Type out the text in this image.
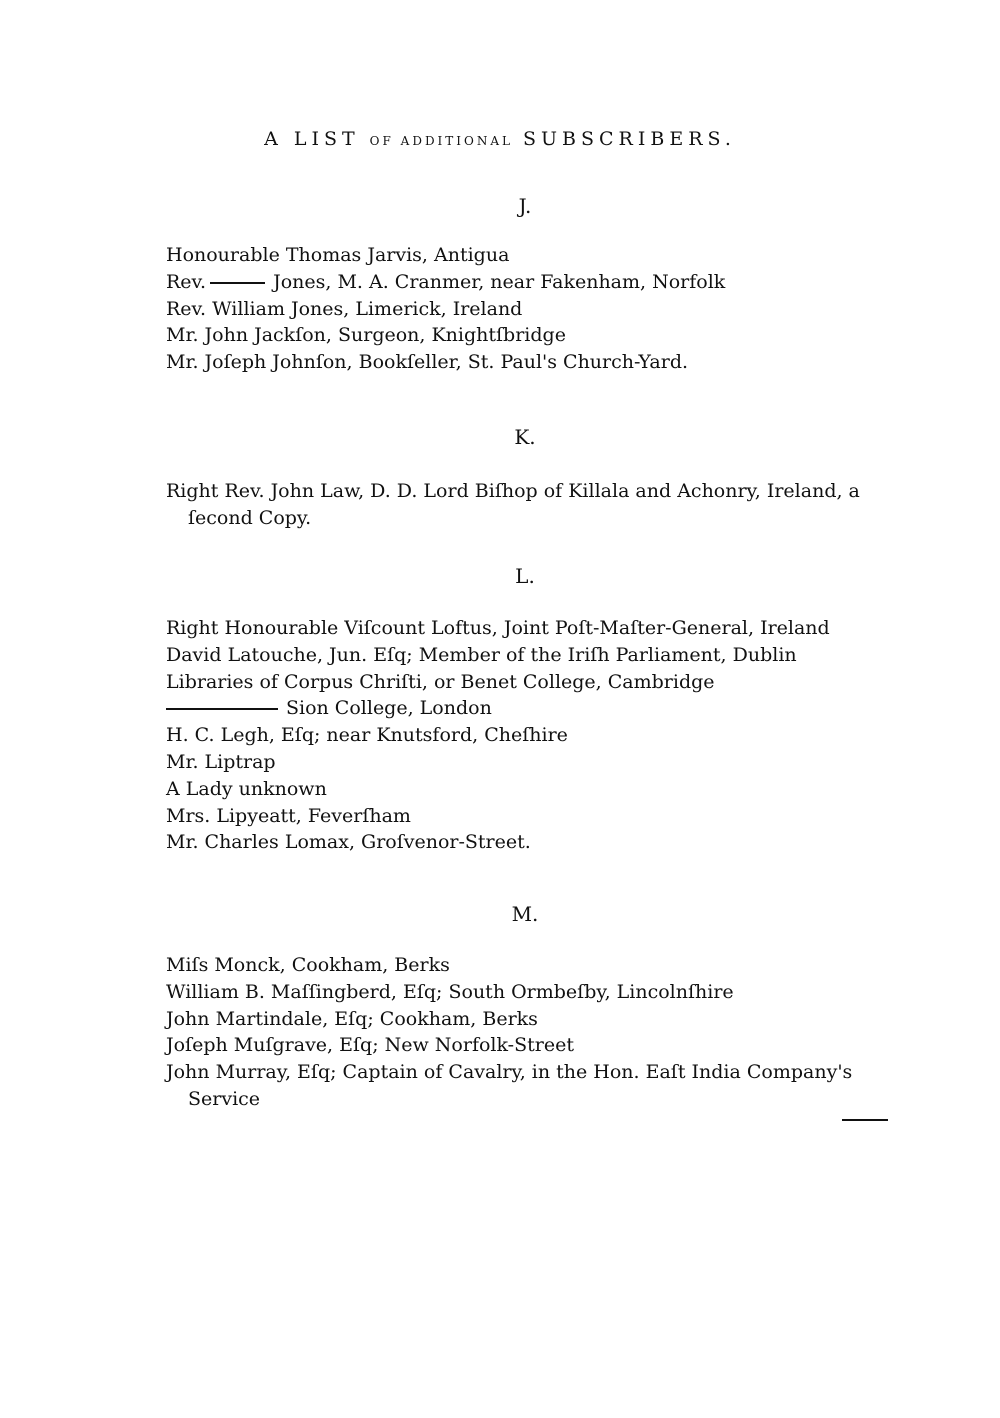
A LIST OF ADDITIONAL SUBSCRIBERS.
J.
Honourable Thomas Jarvis, Antigua
Rev.	Jones, M. A. Cranmer, near Fakenham, Norfolk
Rev. William Jones, Limerick, Ireland
Mr. John Jackſon, Surgeon, Knightſbridge
Mr. Joſeph Johnſon, Bookſeller, St. Paul's Church-Yard.
K.
Right Rev. John Law, D. D. Lord Biſhop of Killala and Achonry, Ireland, a ſecond Copy.
L.
Right Honourable Viſcount Loftus, Joint Poſt-Maſter-General, Ireland
David Latouche, Jun. Eſq; Member of the Iriſh Parliament, Dublin
Libraries of Corpus Chriſti, or Benet College, Cambridge
Sion College, London
H. C. Legh, Eſq; near Knutsford, Cheſhire
Mr. Liptrap
A Lady unknown
Mrs. Lipyeatt, Feverſham
Mr. Charles Lomax, Groſvenor-Street.
M.
Miſs Monck, Cookham, Berks
William B. Maſſingberd, Eſq; South Ormbeſby, Lincolnſhire
John Martindale, Eſq; Cookham, Berks
Joſeph Muſgrave, Eſq; New Norfolk-Street
John Murray, Eſq; Captain of Cavalry, in the Hon. Eaſt India Company's Service
